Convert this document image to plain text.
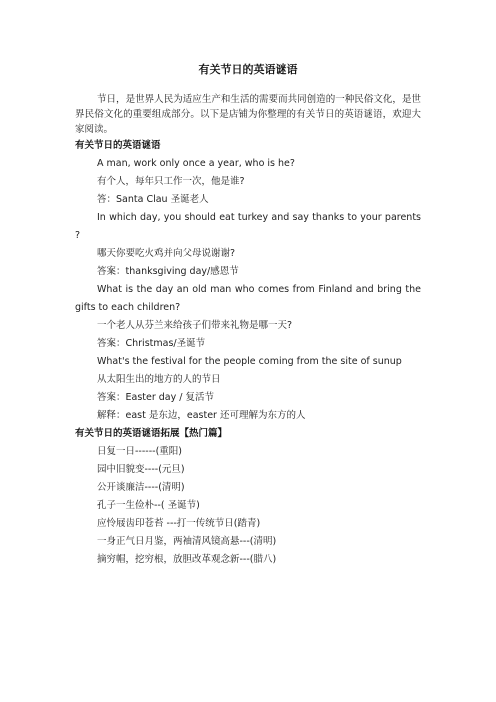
有关节日的英语谜语

节日，是世界人民为适应生产和生活的需要而共同创造的一种民俗文化，是世界民俗文化的重要组成部分。以下是店铺为你整理的有关节日的英语谜语，欢迎大家阅读。

有关节日的英语谜语

A man, work only once a year, who is he?

有个人，每年只工作一次，他是谁?

答：Santa Clau 圣诞老人

In which day, you should eat turkey and say thanks to your parents ?

哪天你要吃火鸡并向父母说谢谢?

答案：thanksgiving day/感恩节

What is the day an old man who comes from Finland and bring the gifts to each children?

一个老人从芬兰来给孩子们带来礼物是哪一天?

答案：Christmas/圣诞节

What's the festival for the people coming from the site of sunup

从太阳生出的地方的人的节日

答案：Easter day / 复活节

解释：east 是东边，easter 还可理解为东方的人

有关节日的英语谜语拓展【热门篇】

日复一日------(重阳)

园中旧貌变----(元旦)

公开谈廉洁----(清明)

孔子一生俭朴--( 圣诞节)

应怜屐齿印苍苔 ---打一传统节日(踏青)

一身正气日月鉴，两袖清风镜高悬---(清明)

摘穷帽，挖穷根，放胆改革观念新---(腊八)
